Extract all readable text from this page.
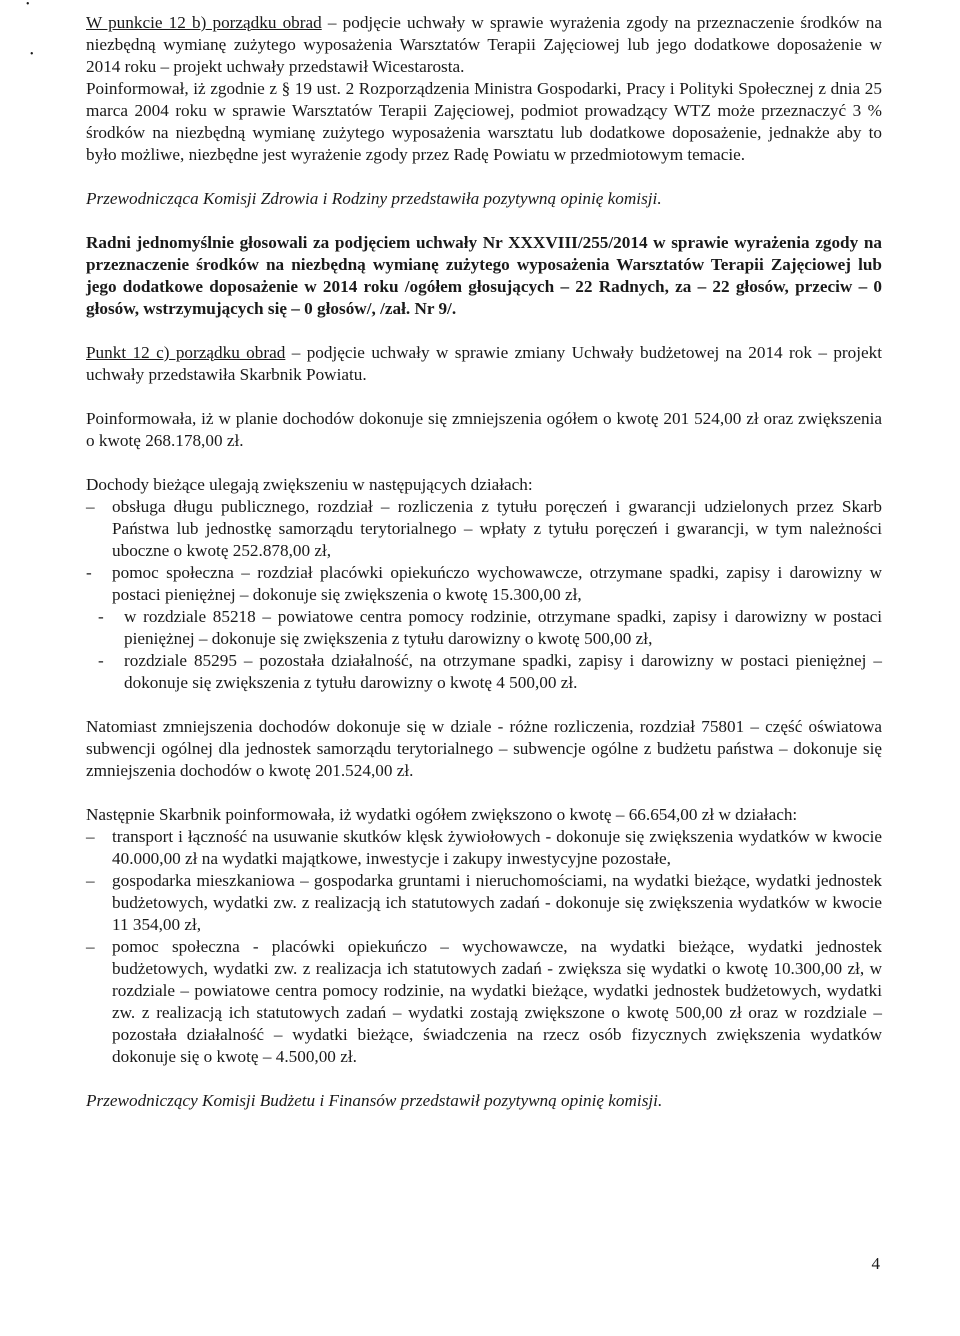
W punkcie 12 b) porządku obrad – podjęcie uchwały w sprawie wyrażenia zgody na przeznaczenie środków na niezbędną wymianę zużytego wyposażenia Warsztatów Terapii Zajęciowej lub jego dodatkowe doposażenie w 2014 roku – projekt uchwały przedstawił Wicestarosta.

Poinformował, iż zgodnie z § 19 ust. 2 Rozporządzenia Ministra Gospodarki, Pracy i Polityki Społecznej z dnia 25 marca 2004 roku w sprawie Warsztatów Terapii Zajęciowej, podmiot prowadzący WTZ może przeznaczyć 3 % środków na niezbędną wymianę zużytego wyposażenia warsztatu lub dodatkowe doposażenie, jednakże aby to było możliwe, niezbędne jest wyrażenie zgody przez Radę Powiatu w przedmiotowym temacie.

Przewodnicząca Komisji Zdrowia i Rodziny przedstawiła pozytywną opinię komisji.

Radni jednomyślnie głosowali za podjęciem uchwały Nr XXXVIII/255/2014 w sprawie wyrażenia zgody na przeznaczenie środków na niezbędną wymianę zużytego wyposażenia Warsztatów Terapii Zajęciowej lub jego dodatkowe doposażenie w 2014 roku /ogółem głosujących – 22 Radnych, za – 22 głosów, przeciw – 0 głosów, wstrzymujących się – 0 głosów/, /zał. Nr 9/.

Punkt 12 c) porządku obrad – podjęcie uchwały w sprawie zmiany Uchwały budżetowej na 2014 rok – projekt uchwały przedstawiła Skarbnik Powiatu.

Poinformowała, iż w planie dochodów dokonuje się zmniejszenia ogółem o kwotę 201 524,00 zł oraz zwiększenia o kwotę 268.178,00 zł.

Dochody bieżące ulegają zwiększeniu w następujących działach:

–	obsługa długu publicznego, rozdział – rozliczenia z tytułu poręczeń i gwarancji udzielonych przez Skarb Państwa lub jednostkę samorządu terytorialnego – wpłaty z tytułu poręczeń i gwarancji, w tym należności uboczne o kwotę 252.878,00 zł,
-	pomoc społeczna – rozdział placówki opiekuńczo wychowawcze, otrzymane spadki, zapisy i darowizny w postaci pieniężnej – dokonuje się zwiększenia o kwotę 15.300,00 zł,
-	w rozdziale 85218 – powiatowe centra pomocy rodzinie, otrzymane spadki, zapisy i darowizny w postaci pieniężnej – dokonuje się zwiększenia z tytułu darowizny o kwotę 500,00 zł,
-	rozdziale 85295 – pozostała działalność, na otrzymane spadki, zapisy i darowizny w postaci pieniężnej – dokonuje się zwiększenia z tytułu darowizny o kwotę 4 500,00 zł.

Natomiast zmniejszenia dochodów dokonuje się w dziale - różne rozliczenia, rozdział 75801 – część oświatowa subwencji ogólnej dla jednostek samorządu terytorialnego – subwencje ogólne z budżetu państwa – dokonuje się zmniejszenia dochodów o kwotę 201.524,00 zł.

Następnie Skarbnik poinformowała, iż wydatki ogółem zwiększono o kwotę – 66.654,00 zł w działach:

–	transport i łączność na usuwanie skutków klęsk żywiołowych - dokonuje się zwiększenia wydatków w kwocie 40.000,00 zł na wydatki majątkowe, inwestycje i zakupy inwestycyjne pozostałe,
–	gospodarka mieszkaniowa – gospodarka gruntami i nieruchomościami, na wydatki bieżące, wydatki jednostek budżetowych, wydatki zw. z realizacją ich statutowych zadań - dokonuje się zwiększenia wydatków w kwocie 11 354,00 zł,
–	pomoc społeczna - placówki opiekuńczo – wychowawcze, na wydatki bieżące, wydatki jednostek budżetowych, wydatki zw. z realizacja ich statutowych zadań - zwiększa się wydatki o kwotę 10.300,00 zł, w rozdziale – powiatowe centra pomocy rodzinie, na wydatki bieżące, wydatki jednostek budżetowych, wydatki zw. z realizacją ich statutowych zadań – wydatki zostają zwiększone o kwotę 500,00 zł oraz w rozdziale – pozostała działalność – wydatki bieżące, świadczenia na rzecz osób fizycznych zwiększenia wydatków dokonuje się o kwotę – 4.500,00 zł.

Przewodniczący Komisji Budżetu i Finansów przedstawił pozytywną opinię komisji.

4
•
•
